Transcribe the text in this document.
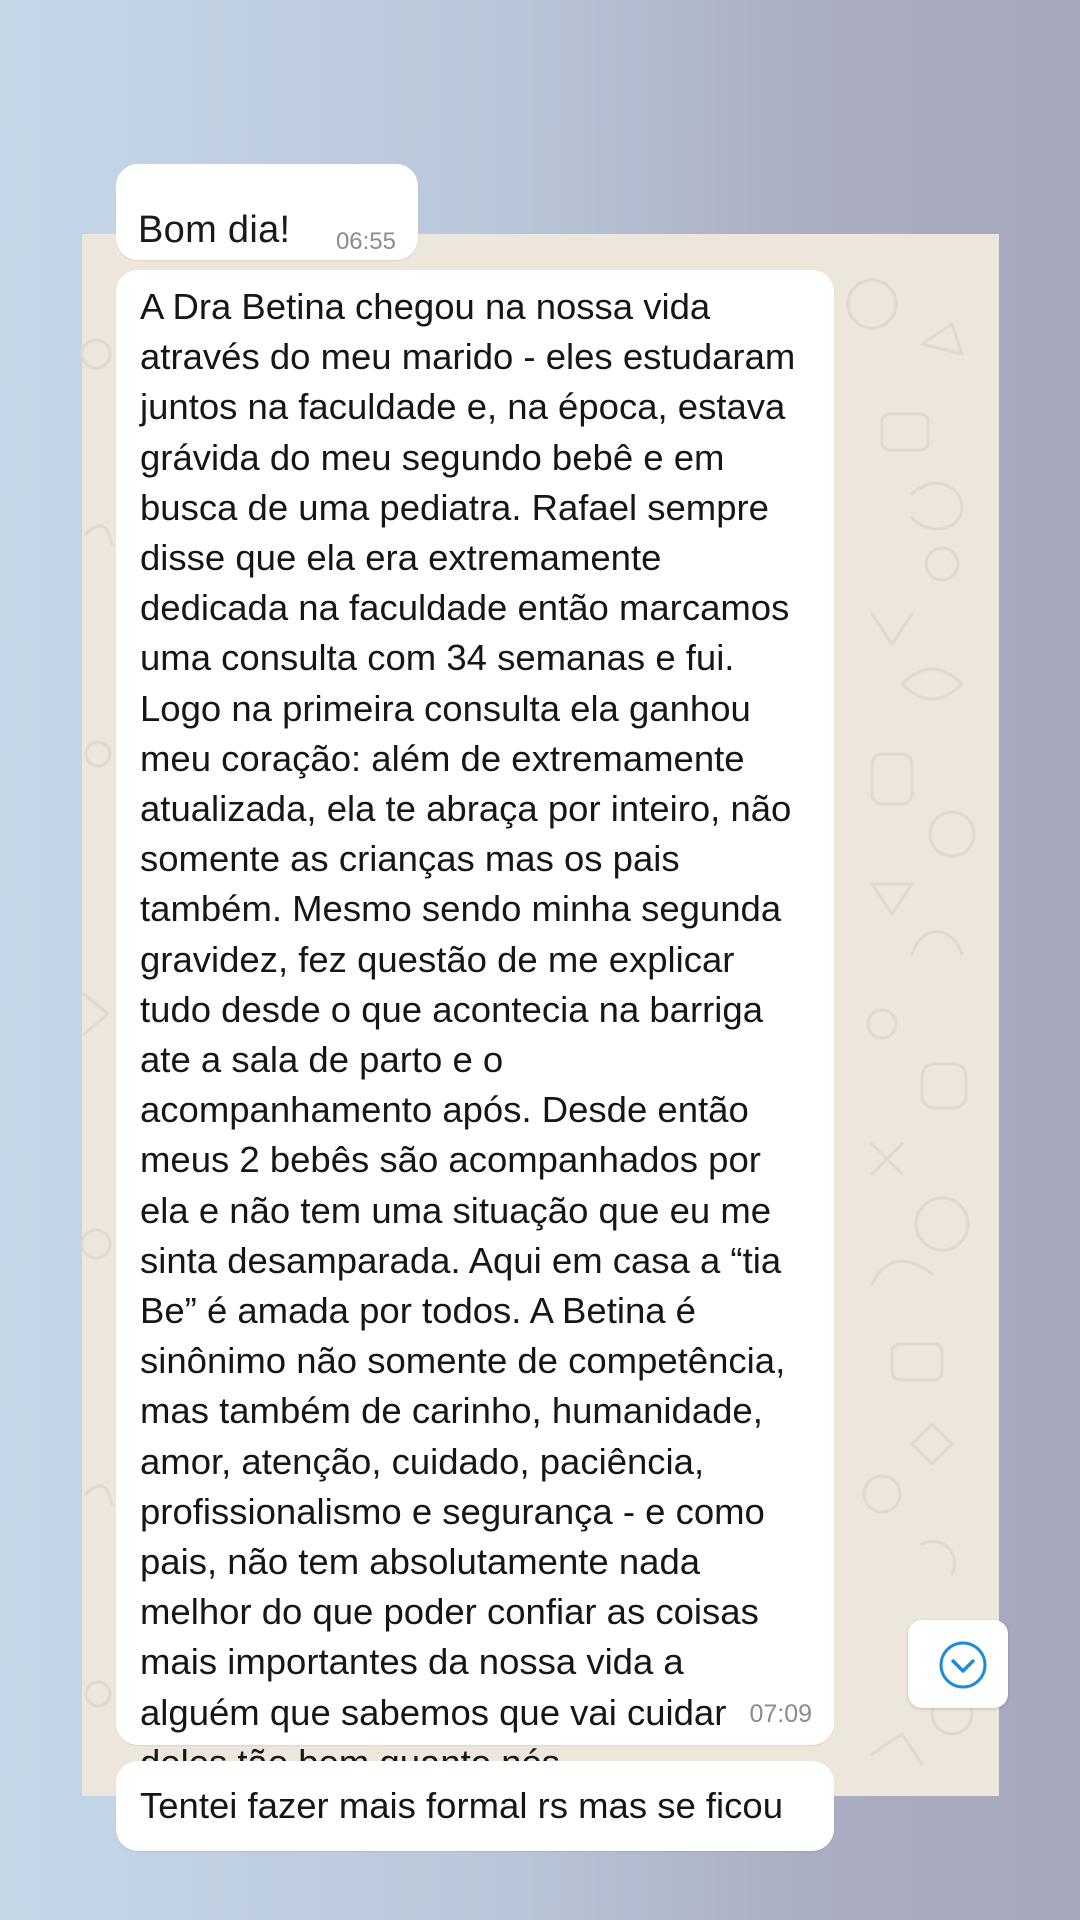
Bom dia! 06:55

A Dra Betina chegou na nossa vida
através do meu marido - eles estudaram
juntos na faculdade e, na época, estava
grávida do meu segundo bebê e em
busca de uma pediatra. Rafael sempre
disse que ela era extremamente
dedicada na faculdade então marcamos
uma consulta com 34 semanas e fui.
Logo na primeira consulta ela ganhou
meu coração: além de extremamente
atualizada, ela te abraça por inteiro, não
somente as crianças mas os pais
também. Mesmo sendo minha segunda
gravidez, fez questão de me explicar
tudo desde o que acontecia na barriga
ate a sala de parto e o
acompanhamento após. Desde então
meus 2 bebês são acompanhados por
ela e não tem uma situação que eu me
sinta desamparada. Aqui em casa a “tia
Be” é amada por todos. A Betina é
sinônimo não somente de competência,
mas também de carinho, humanidade,
amor, atenção, cuidado, paciência,
profissionalismo e segurança - e como
pais, não tem absolutamente nada
melhor do que poder confiar as coisas
mais importantes da nossa vida a
alguém que sabemos que vai cuidar 07:09
Tentei fazer mais formal rs mas se ficou
